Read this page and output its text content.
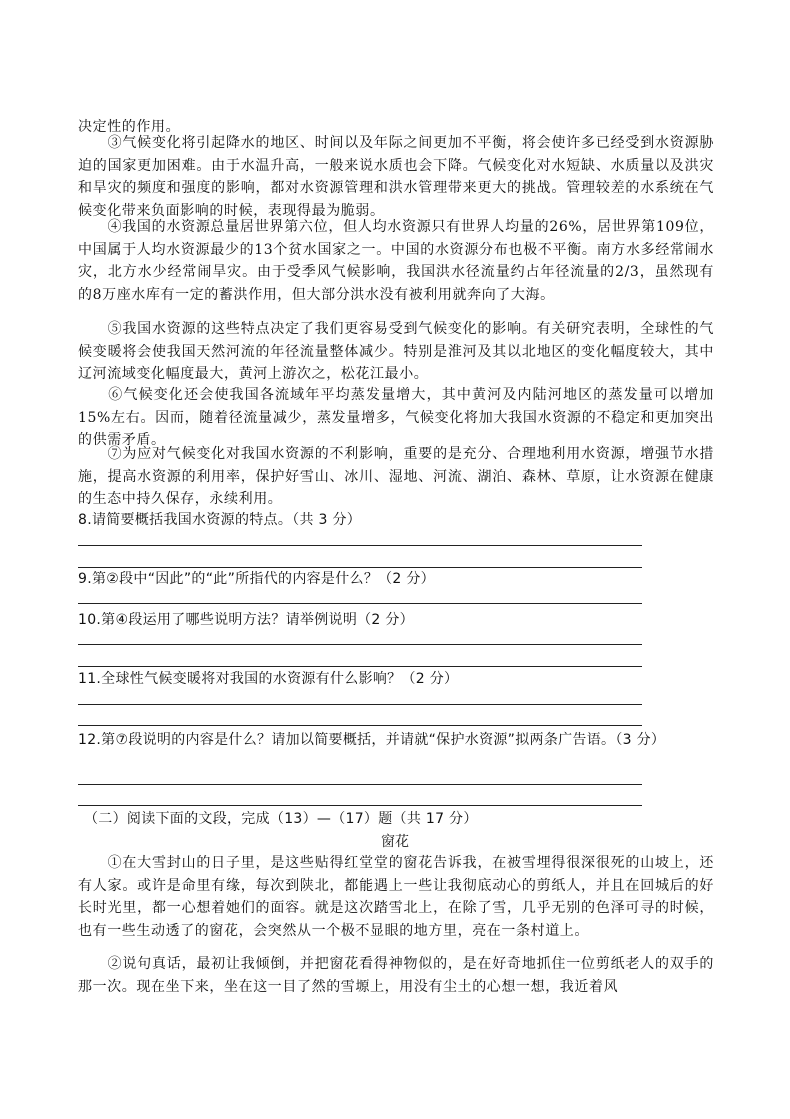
决定性的作用。

　　③气候变化将引起降水的地区、时间以及年际之间更加不平衡，将会使许多已经受到水资源胁迫的国家更加困难。由于水温升高，一般来说水质也会下降。气候变化对水短缺、水质量以及洪灾和旱灾的频度和强度的影响，都对水资源管理和洪水管理带来更大的挑战。管理较差的水系统在气候变化带来负面影响的时候，表现得最为脆弱。

　　④我国的水资源总量居世界第六位，但人均水资源只有世界人均量的26%，居世界第109位，中国属于人均水资源最少的13个贫水国家之一。中国的水资源分布也极不平衡。南方水多经常闹水灾，北方水少经常闹旱灾。由于受季风气候影响，我国洪水径流量约占年径流量的2/3，虽然现有的8万座水库有一定的蓄洪作用，但大部分洪水没有被利用就奔向了大海。

　　⑤我国水资源的这些特点决定了我们更容易受到气候变化的影响。有关研究表明，全球性的气候变暖将会使我国天然河流的年径流量整体减少。特别是淮河及其以北地区的变化幅度较大，其中辽河流域变化幅度最大，黄河上游次之，松花江最小。

　　⑥气候变化还会使我国各流域年平均蒸发量增大，其中黄河及内陆河地区的蒸发量可以增加15%左右。因而，随着径流量减少，蒸发量增多，气候变化将加大我国水资源的不稳定和更加突出的供需矛盾。

　　⑦为应对气候变化对我国水资源的不利影响，重要的是充分、合理地利用水资源，增强节水措施，提高水资源的利用率，保护好雪山、冰川、湿地、河流、湖泊、森林、草原，让水资源在健康的生态中持久保存，永续利用。

8.请简要概括我国水资源的特点。（共 3 分）

9.第②段中“因此”的“此”所指代的内容是什么？（2 分）

10.第④段运用了哪些说明方法？请举例说明（2 分）

11.全球性气候变暖将对我国的水资源有什么影响？（2 分）

12.第⑦段说明的内容是什么？请加以简要概括，并请就“保护水资源”拟两条广告语。（3 分）

（二）阅读下面的文段，完成（13）—（17）题（共 17 分）
窗花

　　①在大雪封山的日子里，是这些贴得红堂堂的窗花告诉我，在被雪埋得很深很死的山坡上，还有人家。或许是命里有缘，每次到陕北，都能遇上一些让我彻底动心的剪纸人，并且在回城后的好长时光里，都一心想着她们的面容。就是这次踏雪北上，在除了雪，几乎无别的色泽可寻的时候，也有一些生动透了的窗花，会突然从一个极不显眼的地方里，亮在一条村道上。

　　②说句真话，最初让我倾倒，并把窗花看得神物似的，是在好奇地抓住一位剪纸老人的双手的那一次。现在坐下来，坐在这一目了然的雪塬上，用没有尘土的心想一想，我近着风
